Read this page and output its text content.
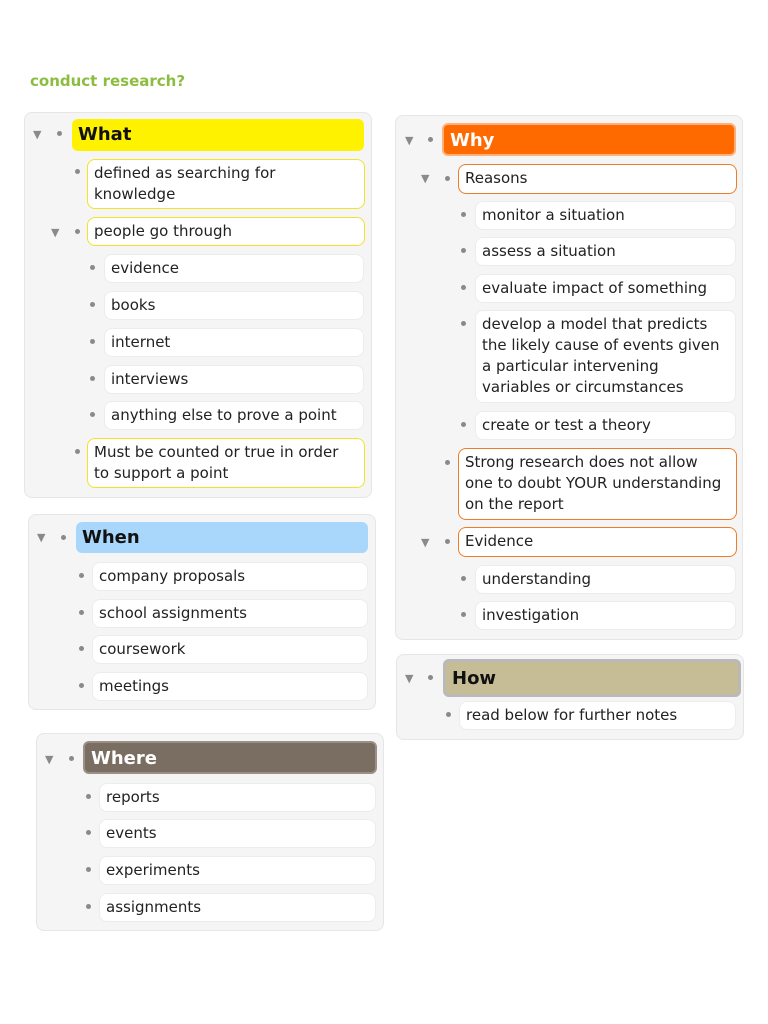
conduct research?
▼	What
defined as searching for knowledge
▼	people go through
evidence
books
internet
interviews
anything else to prove a point
Must be counted or true in order to support a point
▼	When
company proposals
school assignments
coursework
meetings
▼	Where
reports
events
experiments
assignments
▼	Why
▼	Reasons
monitor a situation
assess a situation
evaluate impact of something
develop a model that predicts the likely cause of events given a particular intervening variables or circumstances
create or test a theory
Strong research does not allow one to doubt YOUR understanding on the report
▼	Evidence
understanding
investigation
▼	How
read below for further notes
